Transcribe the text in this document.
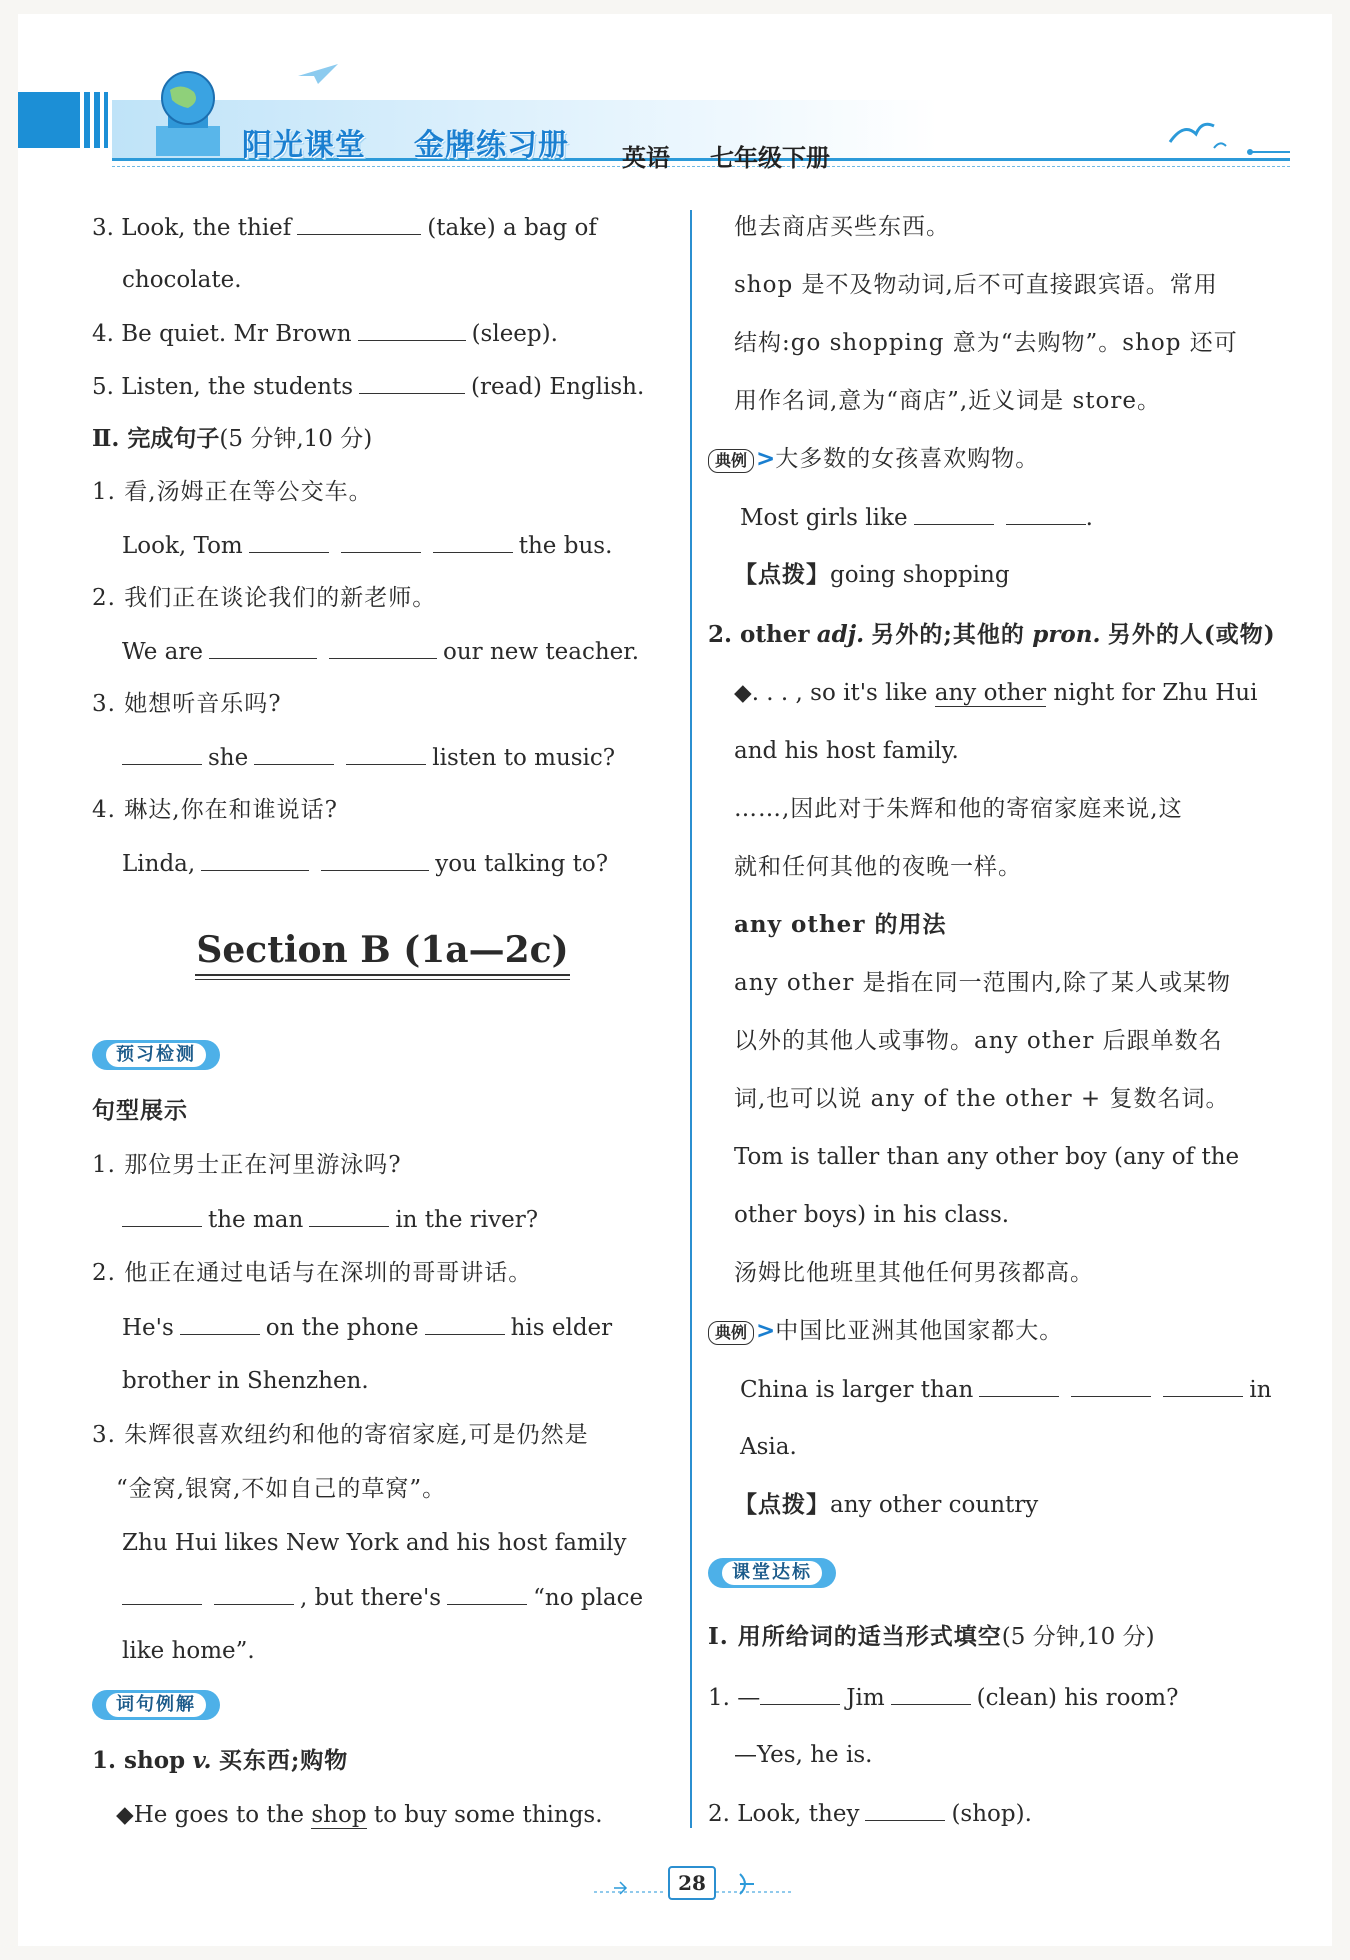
阳光课堂 金牌练习册 英语 七年级下册
3. Look, the thief	(take) a bag of
chocolate.
4. Be quiet. Mr Brown	(sleep).
5. Listen, the students	(read) English.
Ⅱ. 完成句子(5 分钟,10 分)
1. 看,汤姆正在等公交车。
Look, Tom	the bus.
2. 我们正在谈论我们的新老师。
We are	our new teacher.
3. 她想听音乐吗?
she	listen to music?
4. 琳达,你在和谁说话?
Linda,	you talking to?
Section B (1a—2c)
预习检测
句型展示
1. 那位男士正在河里游泳吗?
the man	in the river?
2. 他正在通过电话与在深圳的哥哥讲话。
He's	on the phone	his elder
brother in Shenzhen.
3. 朱辉很喜欢纽约和他的寄宿家庭,可是仍然是
“金窝,银窝,不如自己的草窝”。
Zhu Hui likes New York and his host family
, but there's	“no place
like home”.
词句例解
1. shop v. 买东西;购物
◆He goes to the shop to buy some things.
他去商店买些东西。
shop 是不及物动词,后不可直接跟宾语。常用
结构:go shopping 意为“去购物”。shop 还可
用作名词,意为“商店”,近义词是 store。
典例 >大多数的女孩喜欢购物。
Most girls like	.
【点拨】going shopping
2. other adj. 另外的;其他的 pron. 另外的人(或物)
◆. . . , so it's like any other night for Zhu Hui
and his host family.
……,因此对于朱辉和他的寄宿家庭来说,这
就和任何其他的夜晚一样。
any other 的用法
any other 是指在同一范围内,除了某人或某物
以外的其他人或事物。any other 后跟单数名
词,也可以说 any of the other + 复数名词。
Tom is taller than any other boy (any of the
other boys) in his class.
汤姆比他班里其他任何男孩都高。
典例 >中国比亚洲其他国家都大。
China is larger than	in
Asia.
【点拨】any other country
课堂达标
Ⅰ. 用所给词的适当形式填空(5 分钟,10 分)
1. —	Jim	(clean) his room?
—Yes, he is.
2. Look, they	(shop).
28
